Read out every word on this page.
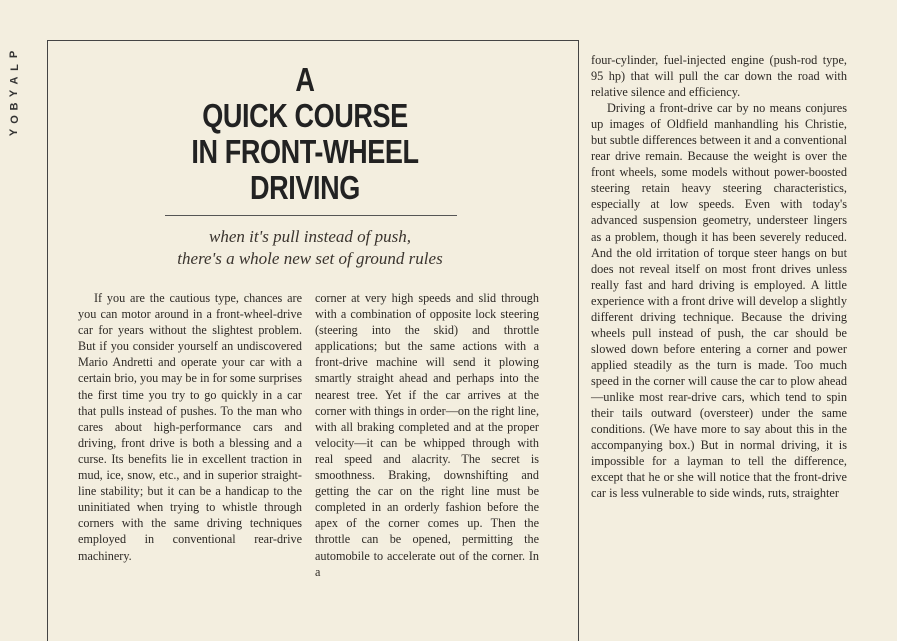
P
L
A
Y
B
O
Y
A
QUICK COURSE
IN FRONT-WHEEL
DRIVING
when it's pull instead of push,
there's a whole new set of ground rules

If you are the cautious type, chances are you can motor around in a front-wheel-drive car for years without the slightest problem. But if you consider yourself an undiscovered Mario Andretti and operate your car with a certain brio, you may be in for some surprises the first time you try to go quickly in a car that pulls instead of pushes. To the man who cares about high-performance cars and driving, front drive is both a blessing and a curse. Its benefits lie in excellent traction in mud, ice, snow, etc., and in superior straight-line stability; but it can be a handicap to the uninitiated when trying to whistle through corners with the same driving techniques employed in conventional rear-drive machinery.

corner at very high speeds and slid through with a combination of opposite lock steering (steering into the skid) and throttle applications; but the same actions with a front-drive machine will send it plowing smartly straight ahead and perhaps into the nearest tree. Yet if the car arrives at the corner with things in order—on the right line, with all braking completed and at the proper velocity—it can be whipped through with real speed and alacrity. The secret is smoothness. Braking, downshifting and getting the car on the right line must be completed in an orderly fashion before the apex of the corner comes up. Then the throttle can be opened, permitting the automobile to accelerate out of the corner. In a

four-cylinder, fuel-injected engine (push-rod type, 95 hp) that will pull the car down the road with relative silence and efficiency.

Driving a front-drive car by no means conjures up images of Oldfield manhandling his Christie, but subtle differences between it and a conventional rear drive remain. Because the weight is over the front wheels, some models without power-boosted steering retain heavy steering characteristics, especially at low speeds. Even with today's advanced suspension geometry, understeer lingers as a problem, though it has been severely reduced. And the old irritation of torque steer hangs on but does not reveal itself on most front drives unless really fast and hard driving is employed. A little experience with a front drive will develop a slightly different driving technique. Because the driving wheels pull instead of push, the car should be slowed down before entering a corner and power applied steadily as the turn is made. Too much speed in the corner will cause the car to plow ahead—unlike most rear-drive cars, which tend to spin their tails outward (oversteer) under the same conditions. (We have more to say about this in the accompanying box.) But in normal driving, it is impossible for a layman to tell the difference, except that he or she will notice that the front-drive car is less vulnerable to side winds, ruts, straighter
